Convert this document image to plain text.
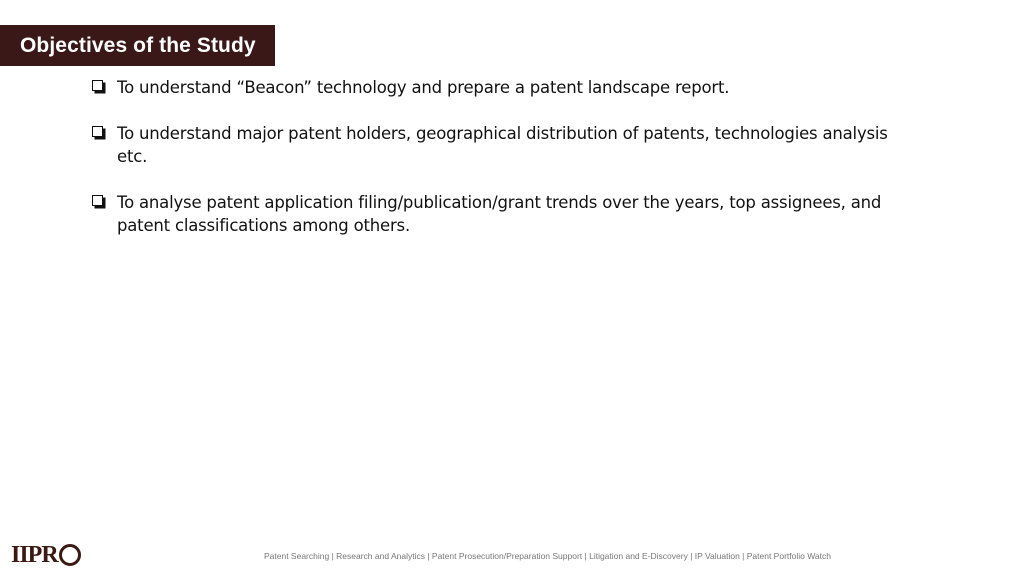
Objectives of the Study
To understand “Beacon” technology and prepare a patent landscape report.
To understand major patent holders, geographical distribution of patents, technologies analysis etc.
To analyse patent application filing/publication/grant trends over the years, top assignees, and patent classifications among others.
IIPR	Patent Searching | Research and Analytics | Patent Prosecution/Preparation Support | Litigation and E-Discovery | IP Valuation | Patent Portfolio Watch
